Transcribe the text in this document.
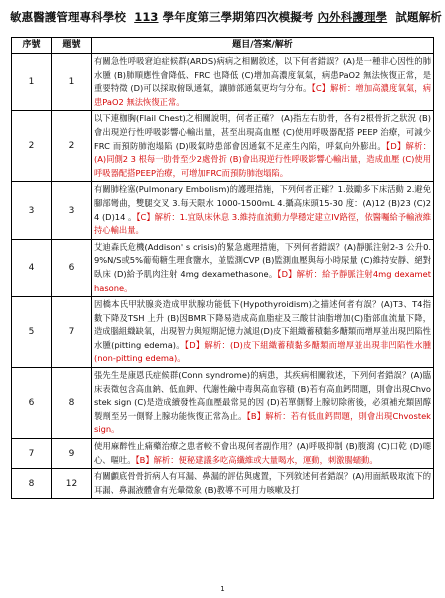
敏惠醫護管理專科學校 113 學年度第三學期第四次模擬考 內外科護理學 試題解析
序號	題號	題目/答案/解析
1	1	有關急性呼吸窘迫症候群(ARDS)病病之相關敘述，以下何者錯誤？(A)是一種非心因性的肺水腫 (B)肺順應性會降低、FRC 也降低 (C)增加高濃度氧氣，病患PaO2 無法恢復正常，是重要特徵 (D)可以採取俯臥通氣，讓肺部通氣更均勻分布。【C】解析：增加高濃度氧氣，病患PaO2 無法恢復正常。
2	2	以下連枷胸(Flail Chest)之相關說明，何者正確？ (A)指左右肋骨，各有2根骨折之狀況 (B)會出現逆行性呼吸影響心輸出量，甚至出現高血壓 (C)使用呼吸器配搭 PEEP 治療，可減少 FRC 而預防肺泡塌陷 (D)吸氣時患部會因通氣不足產生內陷，呼氣向外膨出。【D】解析：(A)同側2 3 根每一肋骨至少2處骨折 (B)會出現逆行性呼吸影響心輸出量，造成血壓 (C)使用呼吸器配搭PEEP治療，可增加FRC而預防肺泡塌陷。
3	3	有關肺栓塞(Pulmonary Embolism)的護理措施，下列何者正確？1.鼓勵多下床活動 2.避免腳部彎曲，雙腿交叉 3.每天限水 1000-1500mL 4.攝高床頭15-30 度：(A)12 (B)23 (C)24 (D)14 。【C】解析：1.宜臥床休息 3.維持血流動力學穩定建立IV路徑，依醫囑給予輸液維持心輸出量。
4	6	艾迪森氏危機(Addison' s crisis)的緊急處理措施，下列何者錯誤？(A)靜脈注射2-3 公升0.9%N/S或5%葡萄糖生理食鹽水，並監測CVP (B)監測血壓與每小時尿量 (C)維持安靜、絕對臥床 (D)給予肌肉注射 4mg dexamethasone。【D】解析：給予靜脈注射4mg dexamethasone。
5	7	因橋本氏甲狀腺炎造成甲狀腺功能低下(Hypothyroidism)之描述何者有誤？(A)T3、T4指數下降及TSH 上升 (B)因BMR下降易造成高血脂症及三酸甘油脂增加(C)脂部血流量下降，造成腦組織缺氧，出現智力與短期記憶力減退(D)皮下組織蓄積黏多醣類而增厚並出現凹陷性水腫(pitting edema)。【D】解析：(D)皮下組織蓄積黏多醣類而增厚並出現非凹陷性水腫(non-pitting edema)。
6	8	張先生是康恩氏症候群(Conn syndrome)的病患，其疾病相關敘述，下列何者錯誤？(A)臨床表徵包含高血鈉、低血鉀、代謝性鹼中毒與高血容積 (B)若有高血鈣問題，則會出現Chvostek sign (C)是造成續發性高血壓最常見的因 (D)若單側腎上腺切除術後，必須補充類固醇製劑至另一側腎上腺功能恢復正常為止。【B】解析：若有低血鈣問題，則會出現Chvostek sign。
7	9	使用麻醉性止痛藥治療之患者較不會出現何者副作用？(A)呼吸抑制 (B)腹瀉 (C)口乾 (D)噁心、嘔吐。【B】解析：便秘建議多吃高纖維或大量喝水，運動，刺激腸蠕動。
8	12	有關顱底骨骨折病人有耳漏、鼻漏的評估與處置，下列敘述何者錯誤？(A)用面紙吸取流下的耳漏、鼻漏液體會有光暈徵象 (B)教導不可用力咳嗽及打
1
